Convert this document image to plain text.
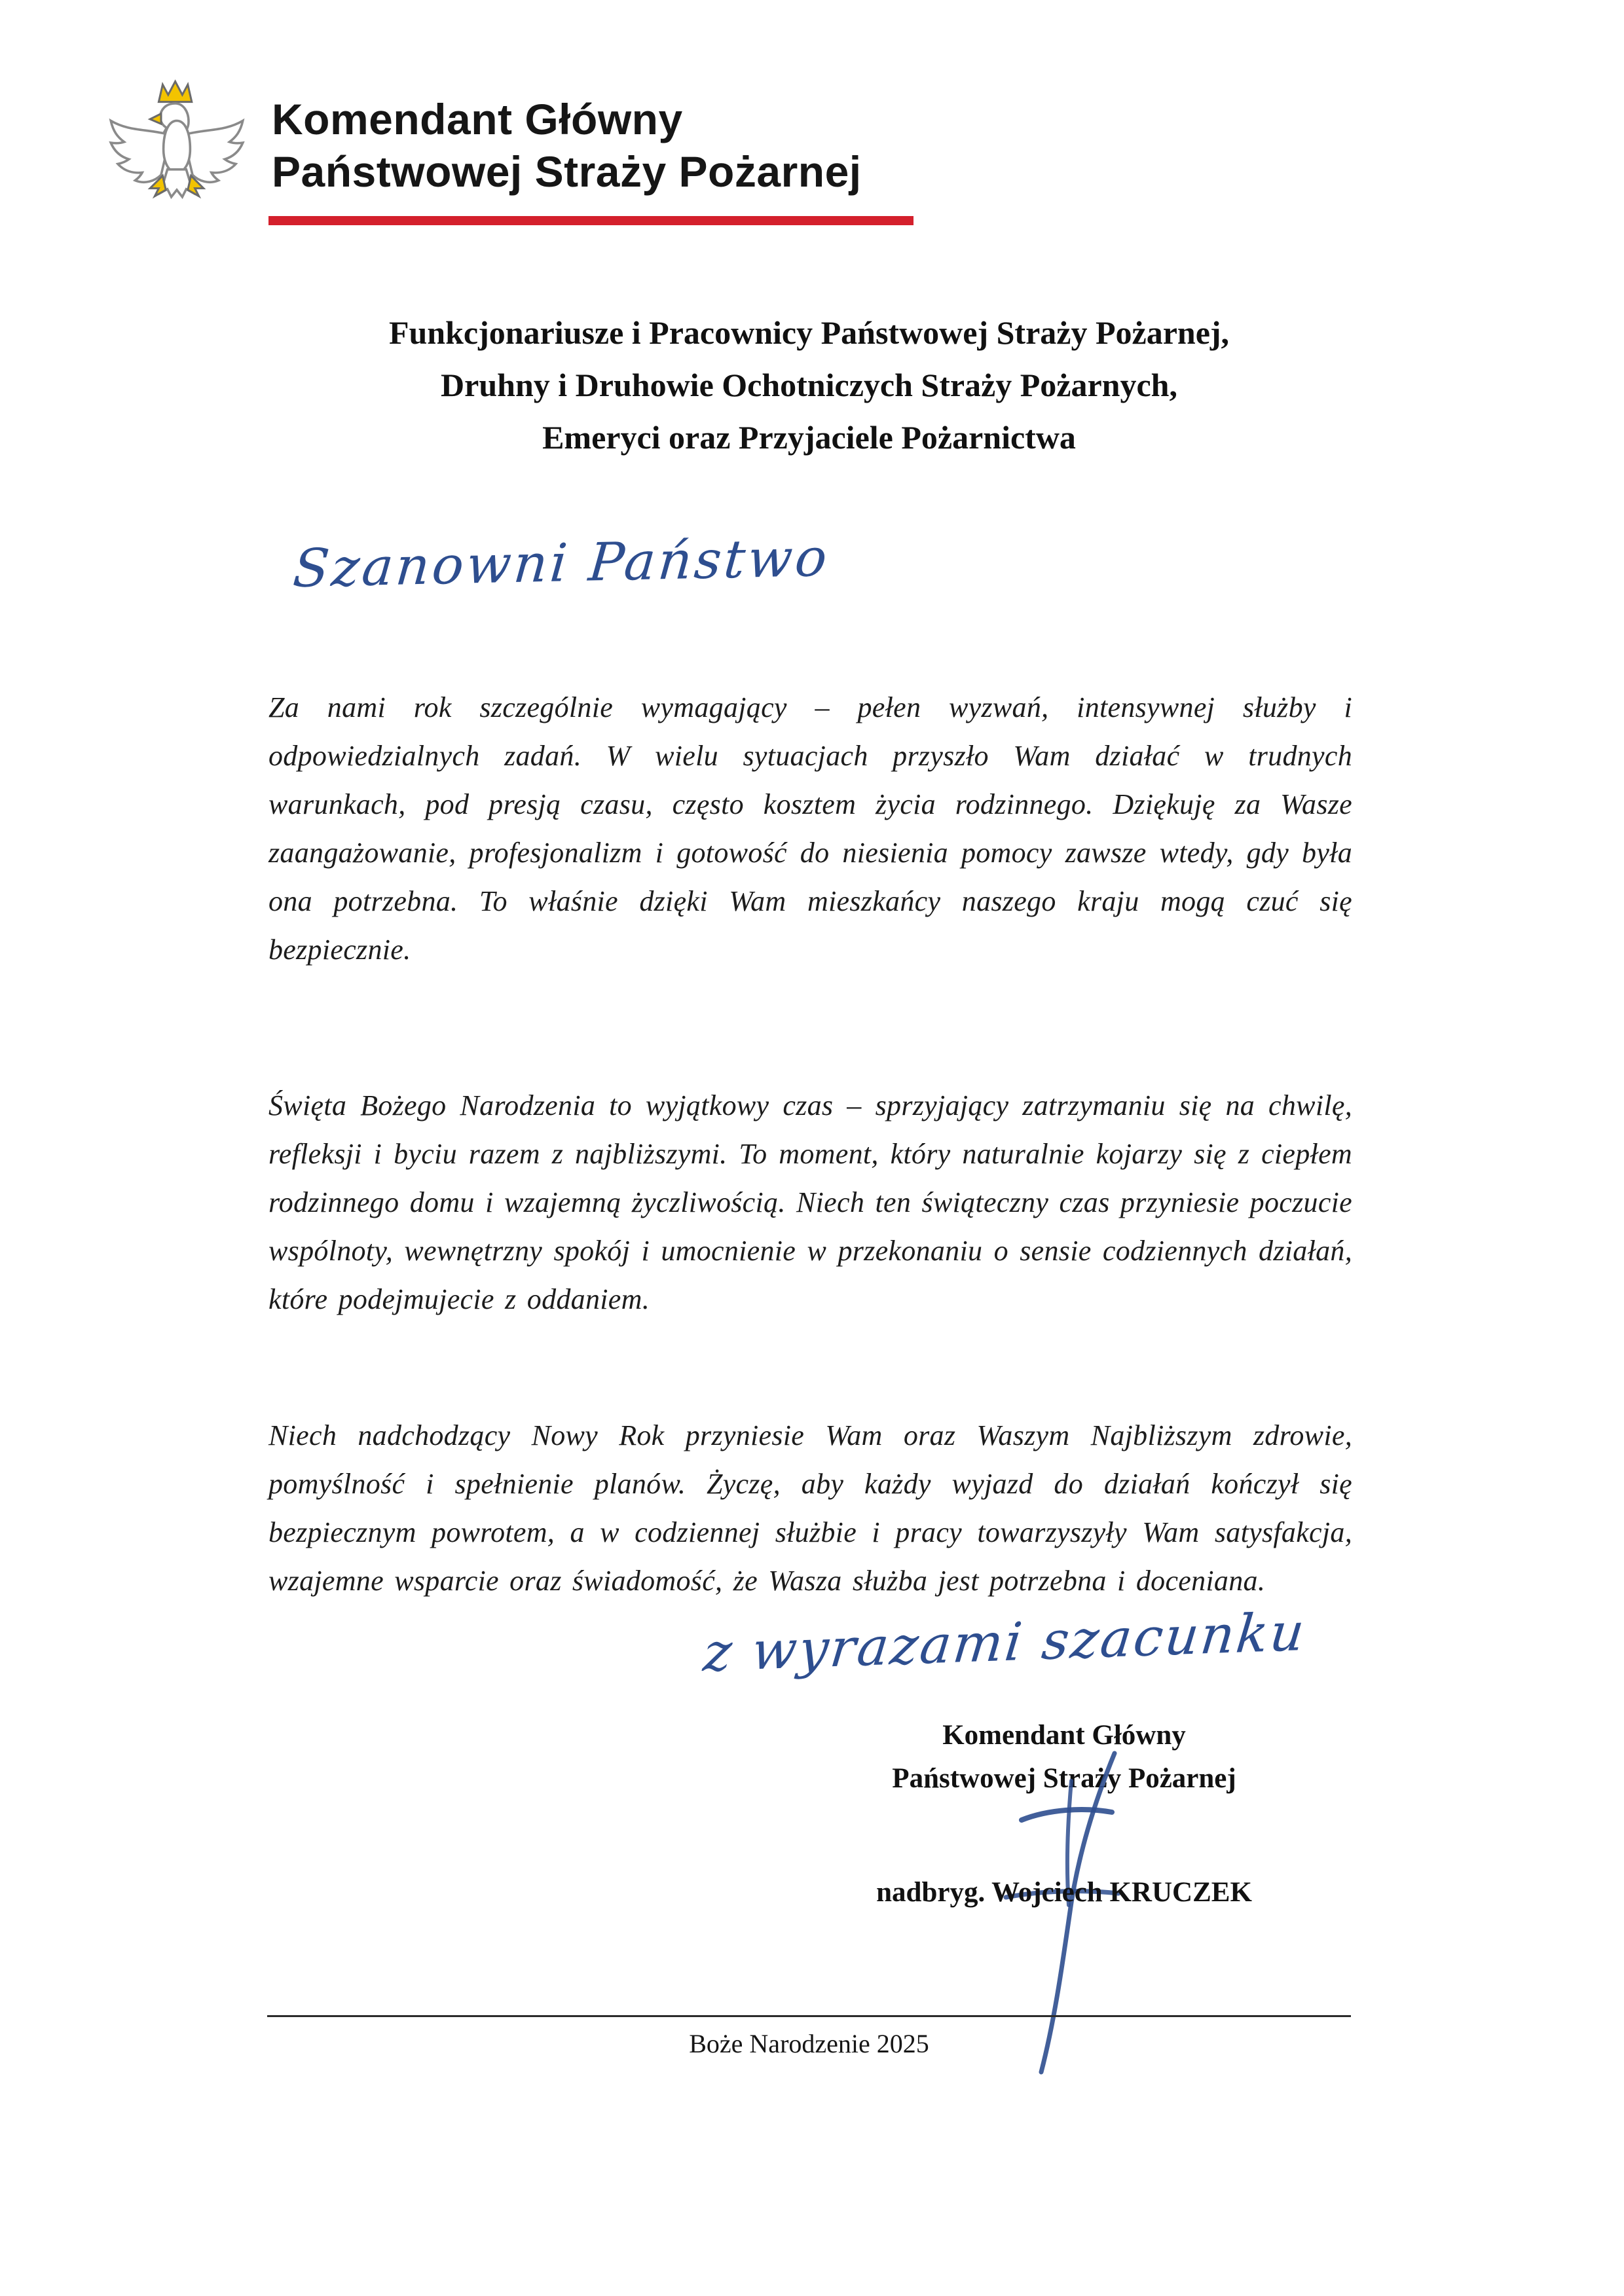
Komendant Główny
Państwowej Straży Pożarnej
Funkcjonariusze i Pracownicy Państwowej Straży Pożarnej,
Druhny i Druhowie Ochotniczych Straży Pożarnych,
Emeryci oraz Przyjaciele Pożarnictwa
Szanowni Państwo

Za nami rok szczególnie wymagający – pełen wyzwań, intensywnej służby i odpowiedzialnych zadań. W wielu sytuacjach przyszło Wam działać w trudnych warunkach, pod presją czasu, często kosztem życia rodzinnego. Dziękuję za Wasze zaangażowanie, profesjonalizm i gotowość do niesienia pomocy zawsze wtedy, gdy była ona potrzebna. To właśnie dzięki Wam mieszkańcy naszego kraju mogą czuć się bezpiecznie.

Święta Bożego Narodzenia to wyjątkowy czas – sprzyjający zatrzymaniu się na chwilę, refleksji i byciu razem z najbliższymi. To moment, który naturalnie kojarzy się z ciepłem rodzinnego domu i wzajemną życzliwością. Niech ten świąteczny czas przyniesie poczucie wspólnoty, wewnętrzny spokój i umocnienie w przekonaniu o sensie codziennych działań, które podejmujecie z oddaniem.

Niech nadchodzący Nowy Rok przyniesie Wam oraz Waszym Najbliższym zdrowie, pomyślność i spełnienie planów. Życzę, aby każdy wyjazd do działań kończył się bezpiecznym powrotem, a w codziennej służbie i pracy towarzyszyły Wam satysfakcja, wzajemne wsparcie oraz świadomość, że Wasza służba jest potrzebna i doceniana.

z wyrazami szacunku
Komendant Główny
Państwowej Straży Pożarnej
nadbryg. Wojciech KRUCZEK
Boże Narodzenie 2025
